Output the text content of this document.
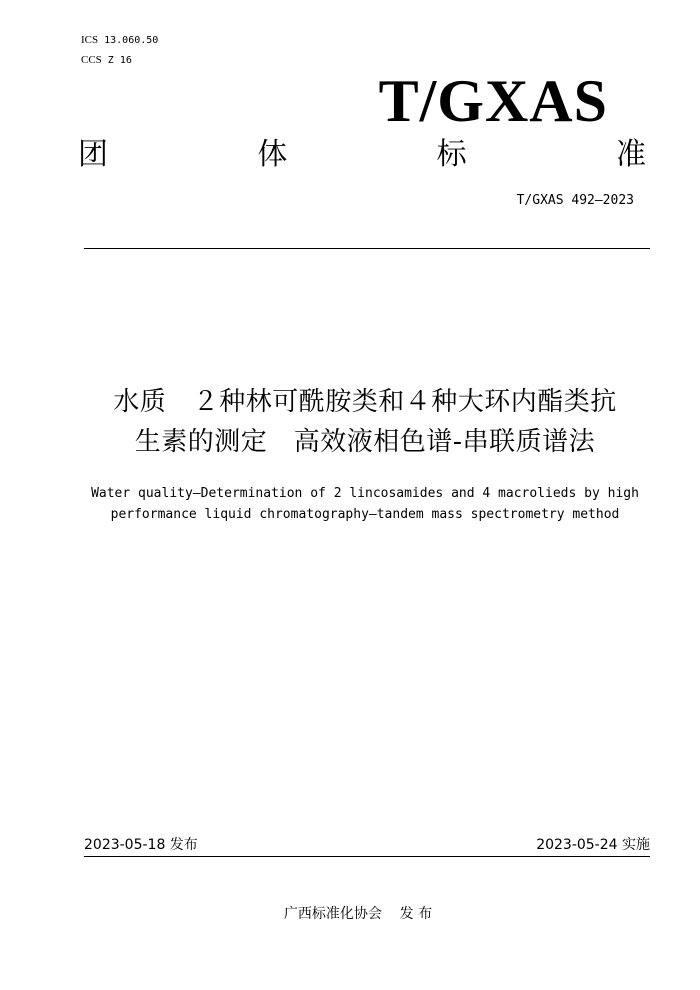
ICS 13.060.50
CCS Z 16
T/GXAS
团	体	标	准
T/GXAS 492—2023
水质　２种林可酰胺类和４种大环内酯类抗
生素的测定　高效液相色谱-串联质谱法
Water quality—Determination of 2 lincosamides and 4 macrolieds by high
performance liquid chromatography—tandem mass spectrometry method
2023-05-18 发布	2023-05-24 实施
广西标准化协会    发 布
